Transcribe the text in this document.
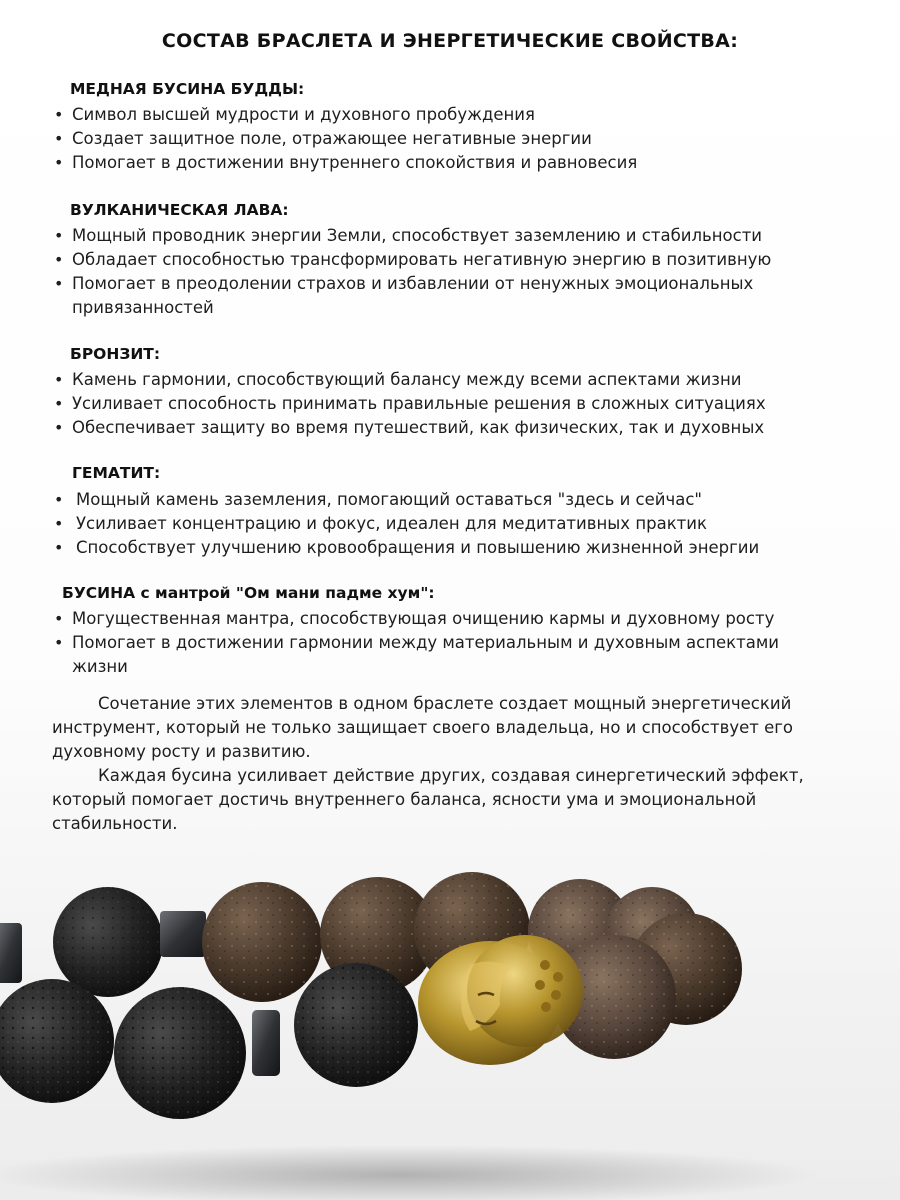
СОСТАВ БРАСЛЕТА И ЭНЕРГЕТИЧЕСКИЕ СВОЙСТВА:
МЕДНАЯ БУСИНА БУДДЫ:
• Символ высшей мудрости и духовного пробуждения
• Создает защитное поле, отражающее негативные энергии
• Помогает в достижении внутреннего спокойствия и равновесия
ВУЛКАНИЧЕСКАЯ ЛАВА:
• Мощный проводник энергии Земли, способствует заземлению и стабильности
• Обладает способностью трансформировать негативную энергию в позитивную
• Помогает в преодолении страхов и избавлении от ненужных эмоциональных привязанностей
БРОНЗИТ:
• Камень гармонии, способствующий балансу между всеми аспектами жизни
• Усиливает способность принимать правильные решения в сложных ситуациях
• Обеспечивает защиту во время путешествий, как физических, так и духовных
ГЕМАТИТ:
• Мощный камень заземления, помогающий оставаться "здесь и сейчас"
• Усиливает концентрацию и фокус, идеален для медитативных практик
• Способствует улучшению кровообращения и повышению жизненной энергии
БУСИНА с мантрой "Ом мани падме хум":
• Могущественная мантра, способствующая очищению кармы и духовному росту
• Помогает в достижении гармонии между материальным и духовным аспектами жизни
Сочетание этих элементов в одном браслете создает мощный энергетический инструмент, который не только защищает своего владельца, но и способствует его духовному росту и развитию.
Каждая бусина усиливает действие других, создавая синергетический эффект, который помогает достичь внутреннего баланса, ясности ума и эмоциональной стабильности.
